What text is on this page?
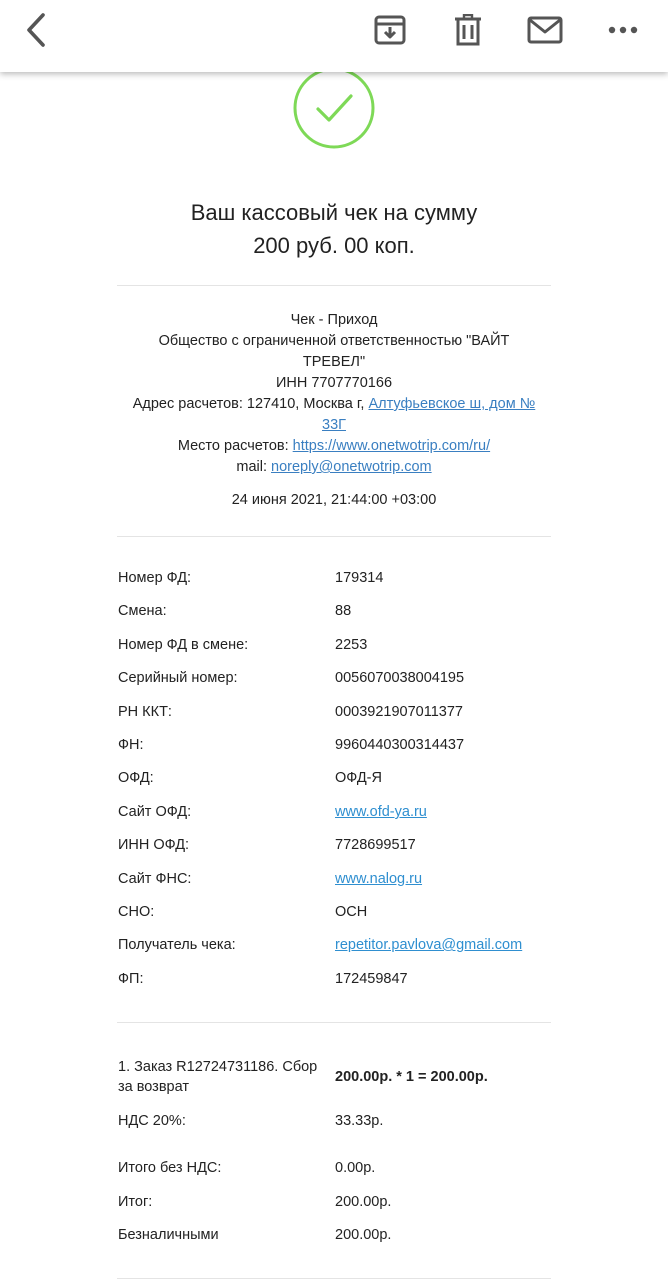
Ваш кассовый чек на сумму
200 руб. 00 коп.
Чек - Приход
Общество с ограниченной ответственностью "ВАЙТ
ТРЕВЕЛ"
ИНН 7707770166
Адрес расчетов: 127410, Москва г, Алтуфьевское ш, дом №
33Г
Место расчетов: https://www.onetwotrip.com/ru/
mail: noreply@onetwotrip.com
24 июня 2021, 21:44:00 +03:00
Номер ФД:	179314
Смена:	88
Номер ФД в смене:	2253
Серийный номер:	0056070038004195
РН ККТ:	0003921907011377
ФН:	9960440300314437
ОФД:	ОФД-Я
Сайт ОФД:	www.ofd-ya.ru
ИНН ОФД:	7728699517
Сайт ФНС:	www.nalog.ru
СНО:	ОСН
Получатель чека:	repetitor.pavlova@gmail.com
ФП:	172459847
1. Заказ R12724731186. Сбор
за возврат
200.00р. * 1 = 200.00р.
НДС 20%:	33.33р.
Итого без НДС:	0.00р.
Итог:	200.00р.
Безналичными	200.00р.
